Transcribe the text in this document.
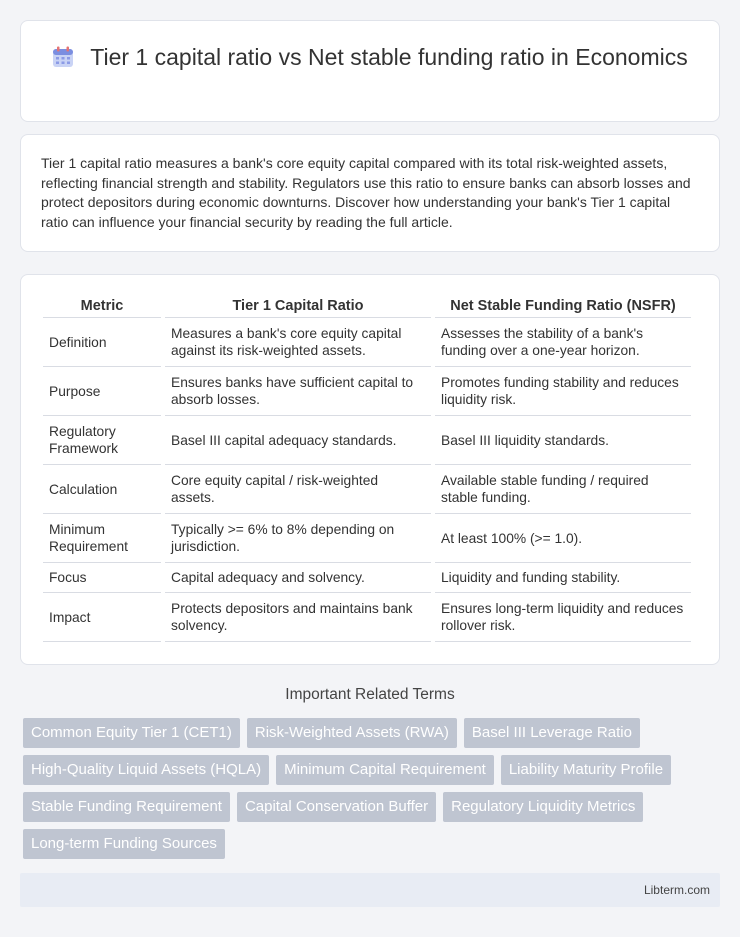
Tier 1 capital ratio vs Net stable funding ratio in Economics

Tier 1 capital ratio measures a bank's core equity capital compared with its total risk-weighted assets, reflecting financial strength and stability. Regulators use this ratio to ensure banks can absorb losses and protect depositors during economic downturns. Discover how understanding your bank's Tier 1 capital ratio can influence your financial security by reading the full article.

Metric	Tier 1 Capital Ratio	Net Stable Funding Ratio (NSFR)
Definition	Measures a bank's core equity capital against its risk-weighted assets.	Assesses the stability of a bank's funding over a one-year horizon.
Purpose	Ensures banks have sufficient capital to absorb losses.	Promotes funding stability and reduces liquidity risk.
Regulatory Framework	Basel III capital adequacy standards.	Basel III liquidity standards.
Calculation	Core equity capital / risk-weighted assets.	Available stable funding / required stable funding.
Minimum Requirement	Typically >= 6% to 8% depending on jurisdiction.	At least 100% (>= 1.0).
Focus	Capital adequacy and solvency.	Liquidity and funding stability.
Impact	Protects depositors and maintains bank solvency.	Ensures long-term liquidity and reduces rollover risk.
Important Related Terms
Common Equity Tier 1 (CET1)	Risk-Weighted Assets (RWA)	Basel III Leverage Ratio
High-Quality Liquid Assets (HQLA)	Minimum Capital Requirement	Liability Maturity Profile
Stable Funding Requirement	Capital Conservation Buffer	Regulatory Liquidity Metrics
Long-term Funding Sources
Libterm.com
